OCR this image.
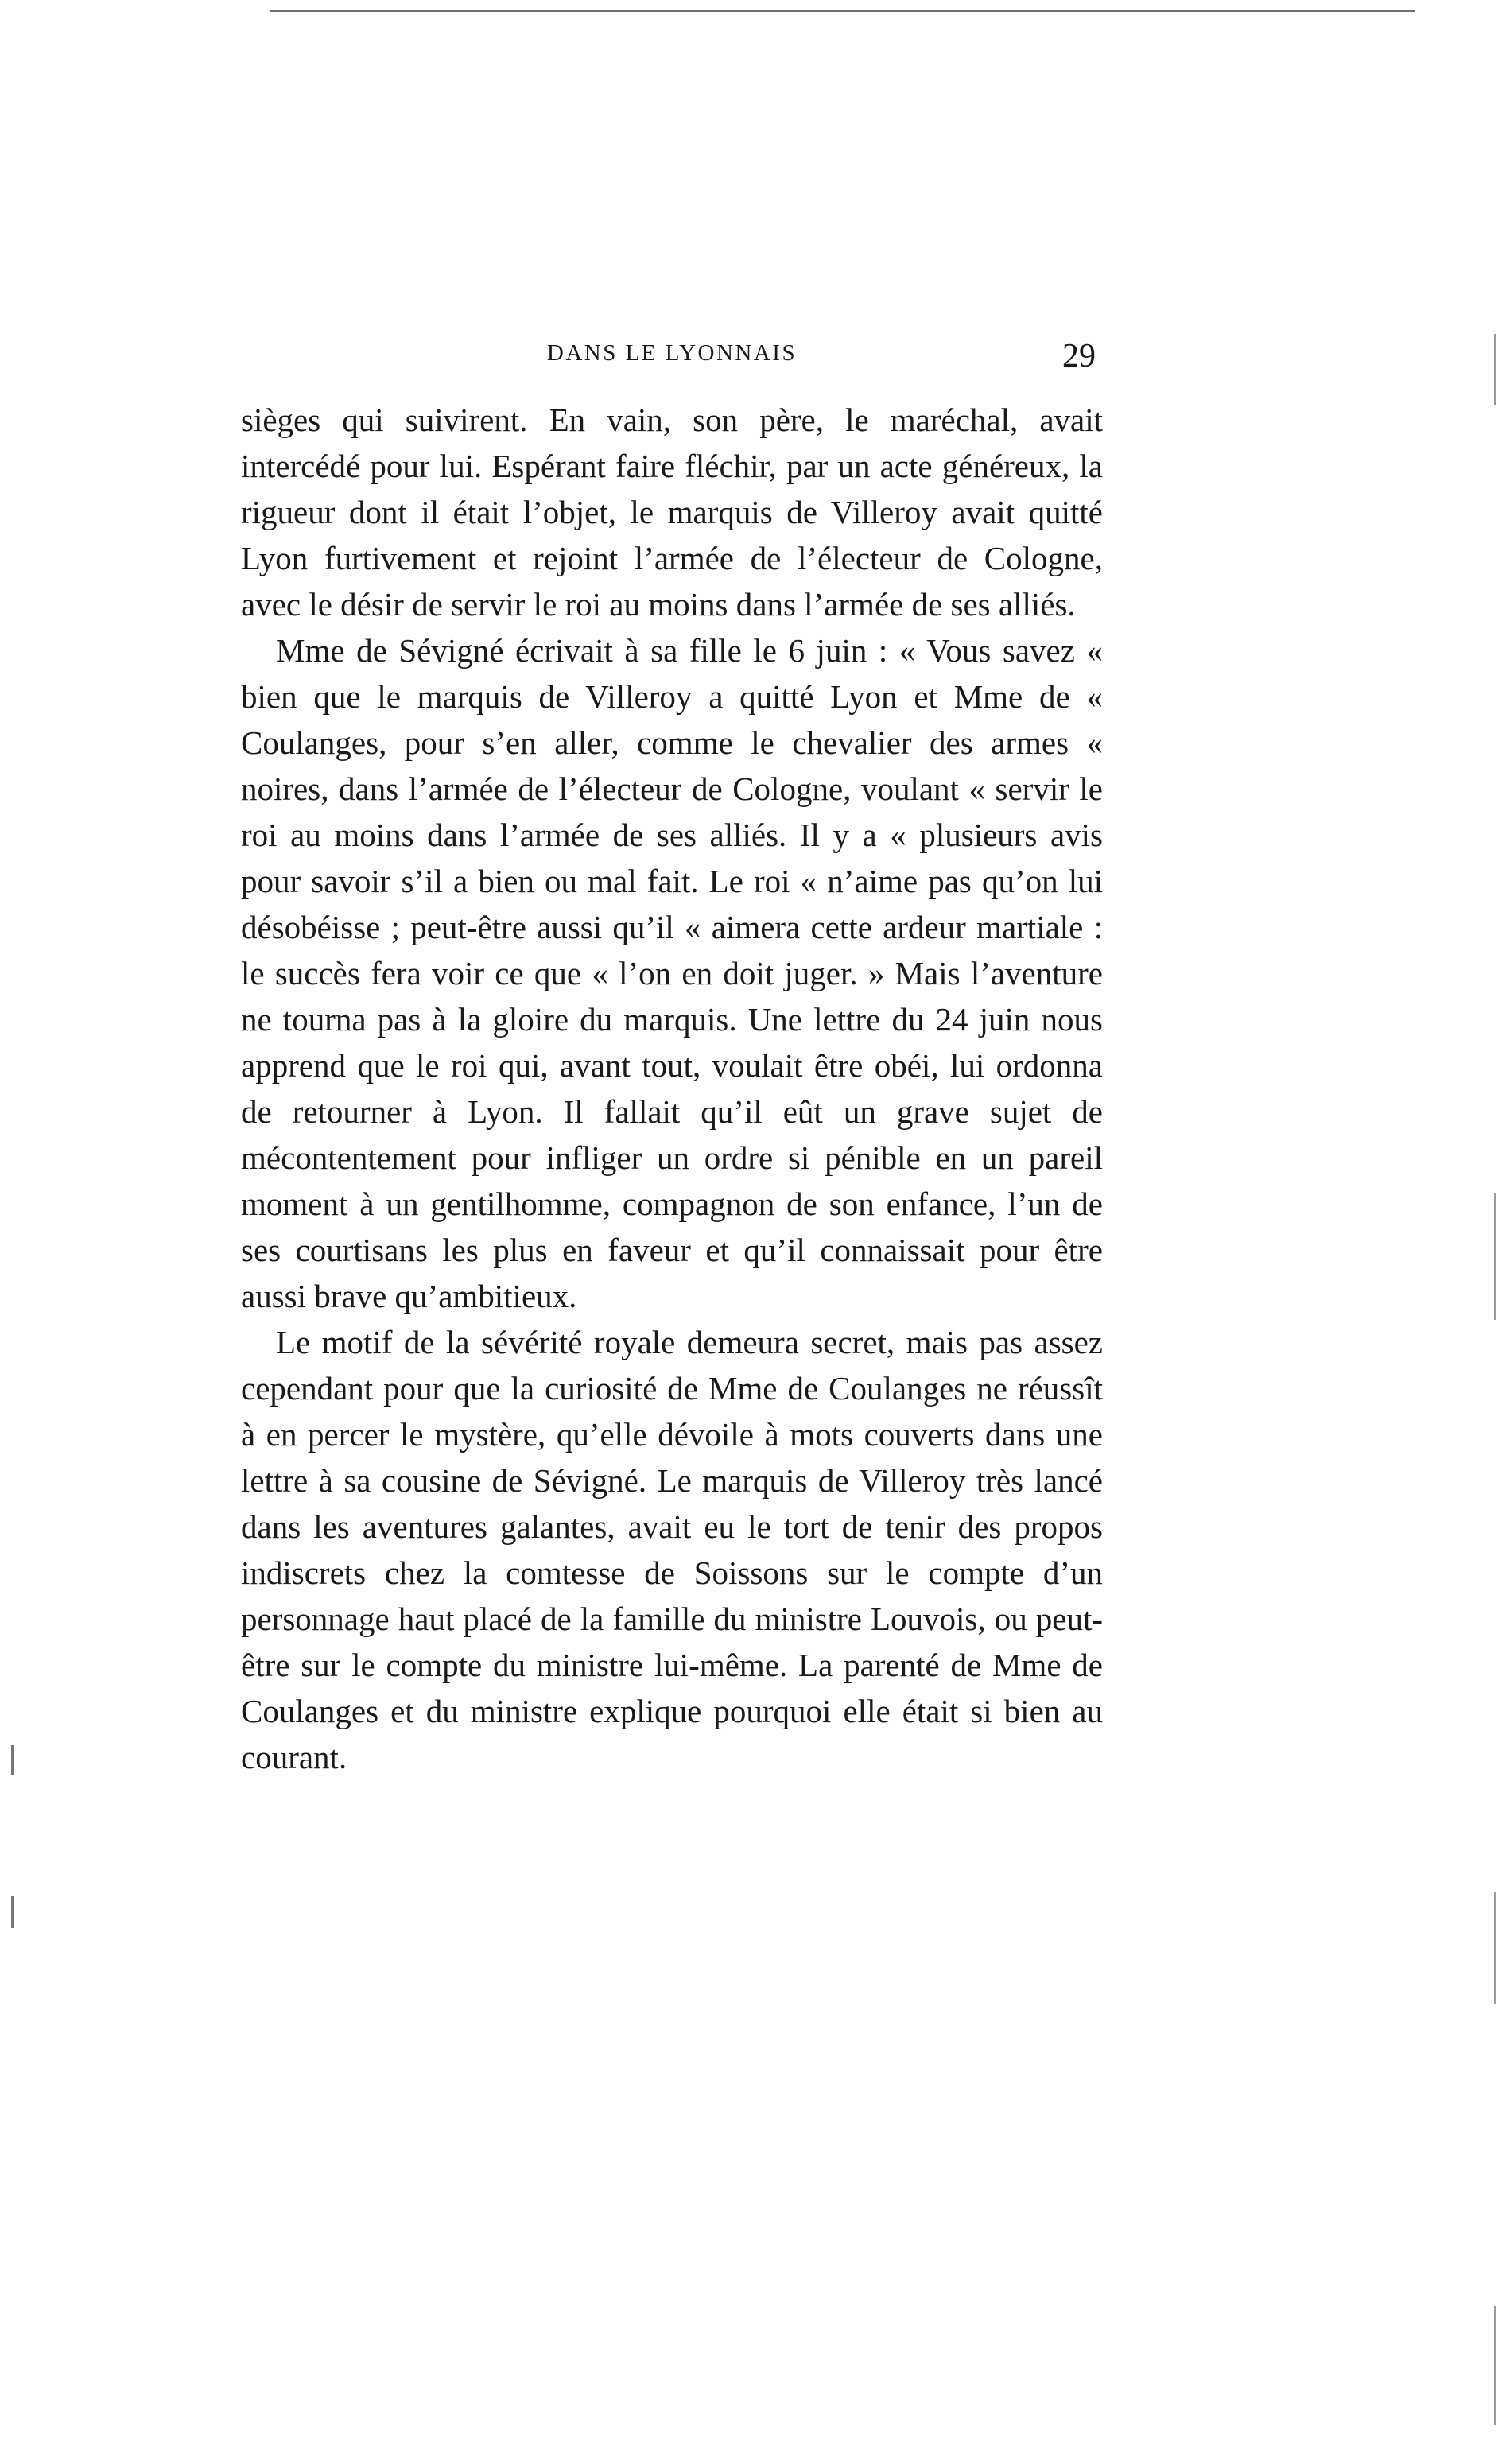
DANS LE LYONNAIS	29

sièges qui suivirent. En vain, son père, le maréchal, avait intercédé pour lui. Espérant faire fléchir, par un acte généreux, la rigueur dont il était l’objet, le marquis de Villeroy avait quitté Lyon furtivement et rejoint l’armée de l’électeur de Cologne, avec le désir de servir le roi au moins dans l’armée de ses alliés.

Mme de Sévigné écrivait à sa fille le 6 juin : « Vous savez « bien que le marquis de Villeroy a quitté Lyon et Mme de « Coulanges, pour s’en aller, comme le chevalier des armes « noires, dans l’armée de l’électeur de Cologne, voulant « servir le roi au moins dans l’armée de ses alliés. Il y a « plusieurs avis pour savoir s’il a bien ou mal fait. Le roi « n’aime pas qu’on lui désobéisse ; peut-être aussi qu’il « aimera cette ardeur martiale : le succès fera voir ce que « l’on en doit juger. » Mais l’aventure ne tourna pas à la gloire du marquis. Une lettre du 24 juin nous apprend que le roi qui, avant tout, voulait être obéi, lui ordonna de retourner à Lyon. Il fallait qu’il eût un grave sujet de mécontentement pour infliger un ordre si pénible en un pareil moment à un gentilhomme, compagnon de son enfance, l’un de ses courtisans les plus en faveur et qu’il connaissait pour être aussi brave qu’ambitieux.

Le motif de la sévérité royale demeura secret, mais pas assez cependant pour que la curiosité de Mme de Coulanges ne réussît à en percer le mystère, qu’elle dévoile à mots couverts dans une lettre à sa cousine de Sévigné. Le marquis de Villeroy très lancé dans les aventures galantes, avait eu le tort de tenir des propos indiscrets chez la comtesse de Soissons sur le compte d’un personnage haut placé de la famille du ministre Louvois, ou peut-être sur le compte du ministre lui-même. La parenté de Mme de Coulanges et du ministre explique pourquoi elle était si bien au courant.
